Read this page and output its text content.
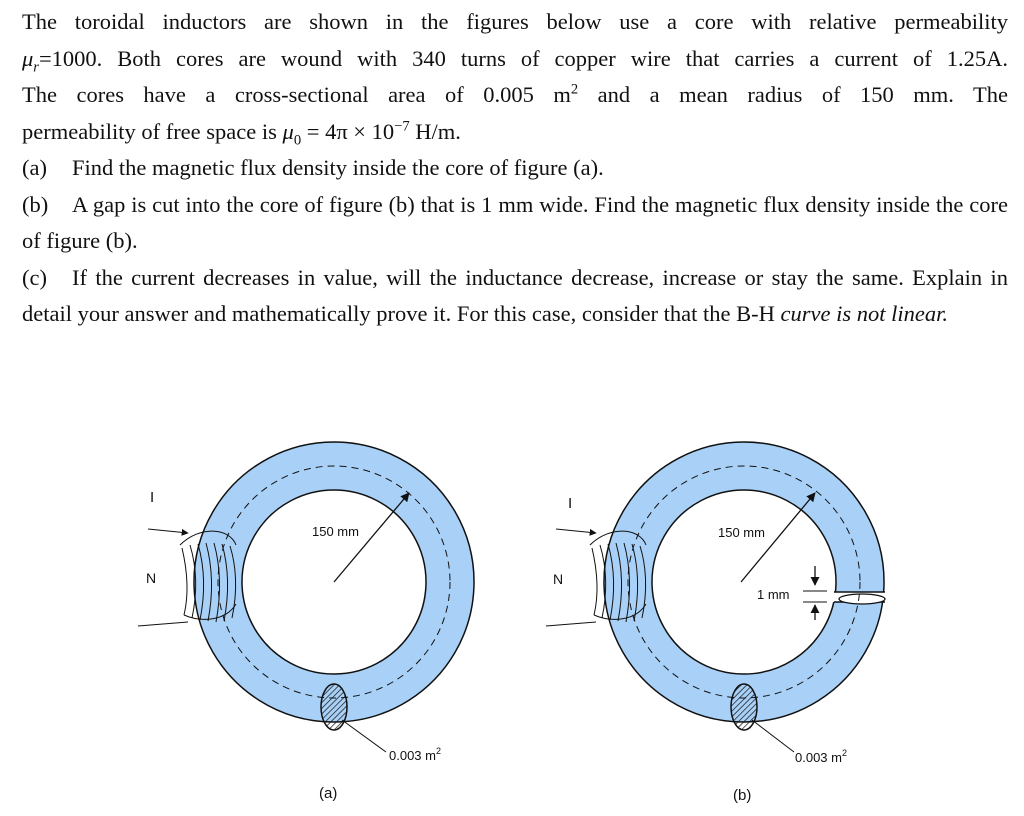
The toroidal inductors are shown in the figures below use a core with relative permeability

$\mu_r=1000$. Both cores are wound with 340 turns of copper wire that carries a current of 1.25A.

The cores have a cross-sectional area of 0.005 $m^2$ and a mean radius of 150 mm. The

permeability of free space is $\mu_0 = 4\pi \times 10^{-7}$ H/m.

(a) Find the magnetic flux density inside the core of figure (a).

(b) A gap is cut into the core of figure (b) that is 1 mm wide. Find the magnetic flux density inside the core of figure (b).

(c) If the current decreases in value, will the inductance decrease, increase or stay the same. Explain in detail your answer and mathematically prove it. For this case, consider that the B-H curve is not linear.

150 mm
0.003 $m^2$
I
N
(a)
150 mm
1 mm
0.003 $m^2$
I
N
(b)
